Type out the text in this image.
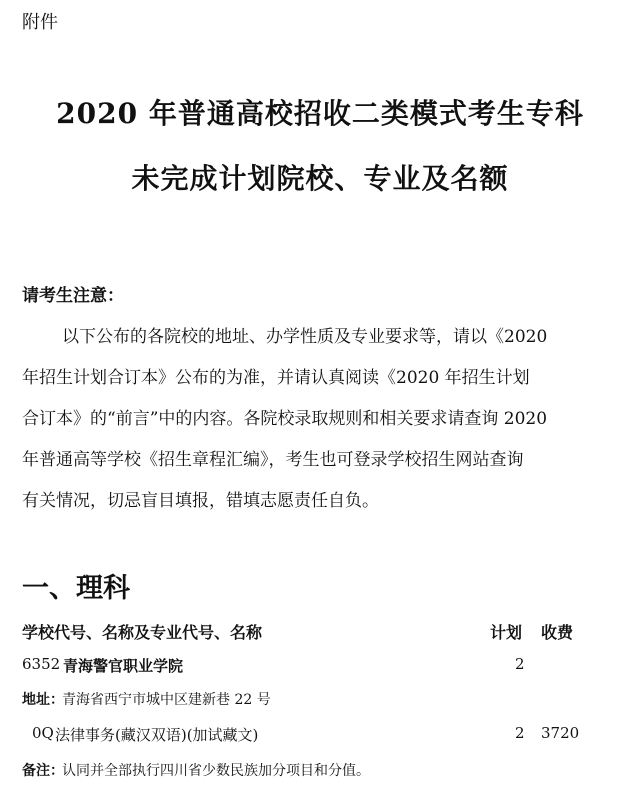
附件
2020 年普通高校招收二类模式考生专科
未完成计划院校、专业及名额
请考生注意：
以下公布的各院校的地址、办学性质及专业要求等，请以《2020
年招生计划合订本》公布的为准，并请认真阅读《2020 年招生计划
合订本》的“前言”中的内容。各院校录取规则和相关要求请查询 2020
年普通高等学校《招生章程汇编》，考生也可登录学校招生网站查询
有关情况，切忌盲目填报，错填志愿责任自负。
一、理科
学校代号、名称及专业代号、名称	计划 收费
6352 青海警官职业学院	2
地址：
青海省西宁市城中区建新巷 22 号
0Q 法律事务(藏汉双语)(加试藏文)	2 3720
备注：
认同并全部执行四川省少数民族加分项目和分值。
